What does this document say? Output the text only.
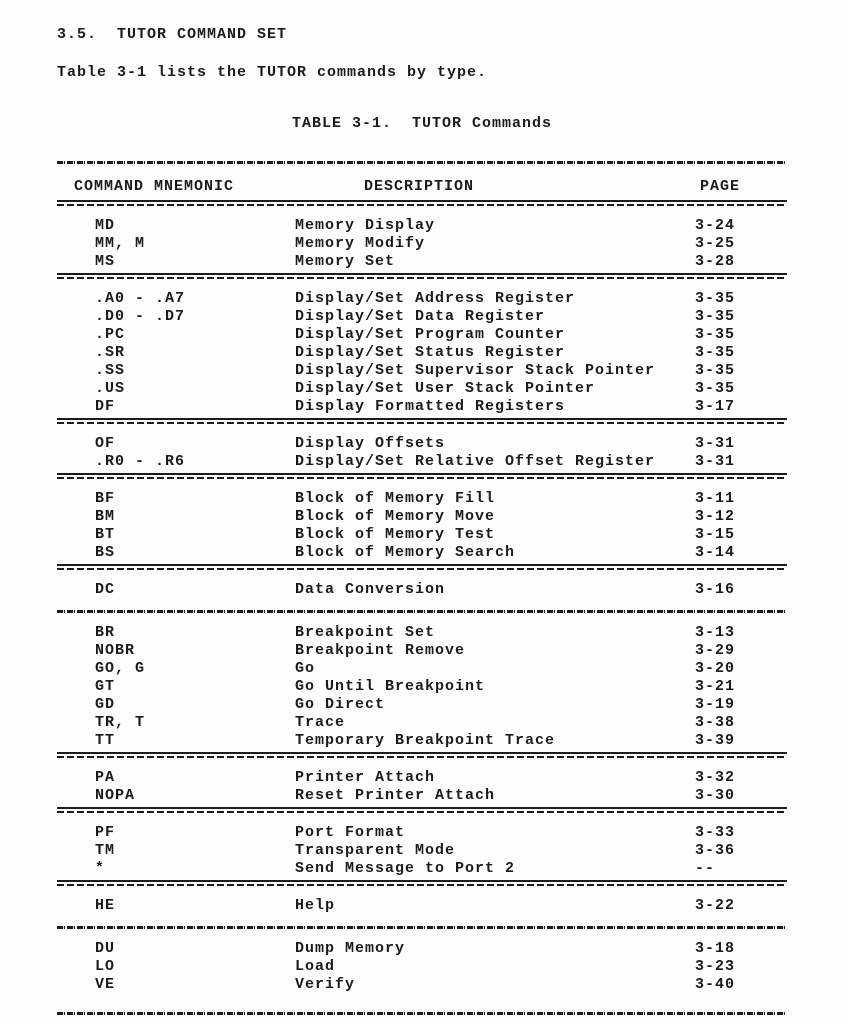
3.5.  TUTOR COMMAND SET
Table 3-1 lists the TUTOR commands by type.
TABLE 3-1.  TUTOR Commands
COMMAND MNEMONIC	DESCRIPTION	PAGE
MD	Memory Display	3-24
MM, M	Memory Modify	3-25
MS	Memory Set	3-28
.A0 - .A7	Display/Set Address Register	3-35
.D0 - .D7	Display/Set Data Register	3-35
.PC	Display/Set Program Counter	3-35
.SR	Display/Set Status Register	3-35
.SS	Display/Set Supervisor Stack Pointer	3-35
.US	Display/Set User Stack Pointer	3-35
DF	Display Formatted Registers	3-17
OF	Display Offsets	3-31
.R0 - .R6	Display/Set Relative Offset Register	3-31
BF	Block of Memory Fill	3-11
BM	Block of Memory Move	3-12
BT	Block of Memory Test	3-15
BS	Block of Memory Search	3-14
DC	Data Conversion	3-16
BR	Breakpoint Set	3-13
NOBR	Breakpoint Remove	3-29
GO, G	Go	3-20
GT	Go Until Breakpoint	3-21
GD	Go Direct	3-19
TR, T	Trace	3-38
TT	Temporary Breakpoint Trace	3-39
PA	Printer Attach	3-32
NOPA	Reset Printer Attach	3-30
PF	Port Format	3-33
TM	Transparent Mode	3-36
*	Send Message to Port 2	--
HE	Help	3-22
DU	Dump Memory	3-18
LO	Load	3-23
VE	Verify	3-40
